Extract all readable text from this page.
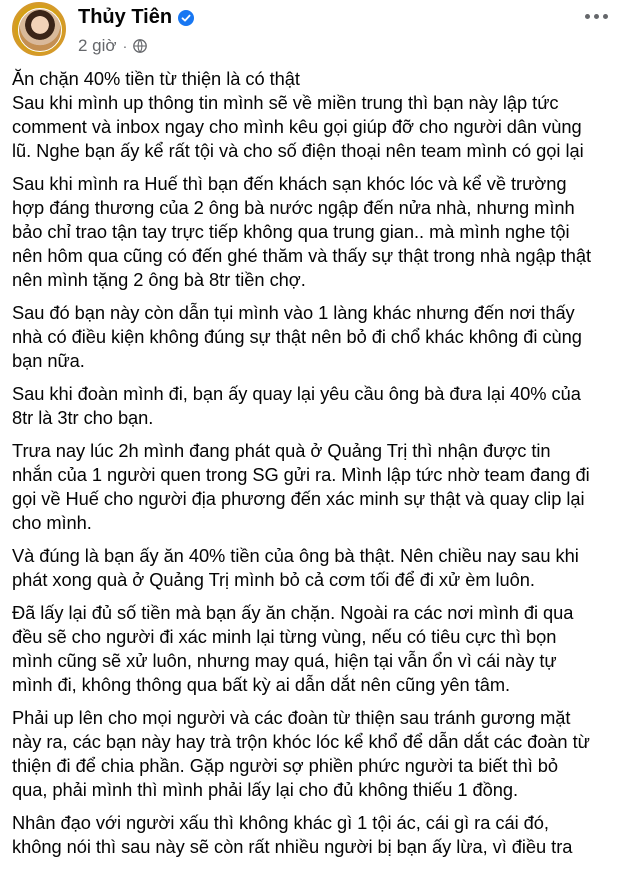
Thủy Tiên
2 giờ ·

Ăn chặn 40% tiền từ thiện là có thật
Sau khi mình up thông tin mình sẽ về miền trung thì bạn này lập tức
comment và inbox ngay cho mình kêu gọi giúp đỡ cho người dân vùng
lũ. Nghe bạn ấy kể rất tội và cho số điện thoại nên team mình có gọi lại

Sau khi mình ra Huế thì bạn đến khách sạn khóc lóc và kể về trường
hợp đáng thương của 2 ông bà nước ngập đến nửa nhà, nhưng mình
bảo chỉ trao tận tay trực tiếp không qua trung gian.. mà mình nghe tội
nên hôm qua cũng có đến ghé thăm và thấy sự thật trong nhà ngập thật
nên mình tặng 2 ông bà 8tr tiền chợ.

Sau đó bạn này còn dẫn tụi mình vào 1 làng khác nhưng đến nơi thấy
nhà có điều kiện không đúng sự thật nên bỏ đi chổ khác không đi cùng
bạn nữa.

Sau khi đoàn mình đi, bạn ấy quay lại yêu cầu ông bà đưa lại 40% của
8tr là 3tr cho bạn.

Trưa nay lúc 2h mình đang phát quà ở Quảng Trị thì nhận được tin
nhắn của 1 người quen trong SG gửi ra. Mình lập tức nhờ team đang đi
gọi về Huế cho người địa phương đến xác minh sự thật và quay clip lại
cho mình.

Và đúng là bạn ấy ăn 40% tiền của ông bà thật. Nên chiều nay sau khi
phát xong quà ở Quảng Trị mình bỏ cả cơm tối để đi xử èm luôn.

Đã lấy lại đủ số tiền mà bạn ấy ăn chặn. Ngoài ra các nơi mình đi qua
đều sẽ cho người đi xác minh lại từng vùng, nếu có tiêu cực thì bọn
mình cũng sẽ xử luôn, nhưng may quá, hiện tại vẫn ổn vì cái này tự
mình đi, không thông qua bất kỳ ai dẫn dắt nên cũng yên tâm.

Phải up lên cho mọi người và các đoàn từ thiện sau tránh gương mặt
này ra, các bạn này hay trà trộn khóc lóc kể khổ để dẫn dắt các đoàn từ
thiện đi để chia phần. Gặp người sợ phiền phức người ta biết thì bỏ
qua, phải mình thì mình phải lấy lại cho đủ không thiếu 1 đồng.

Nhân đạo với người xấu thì không khác gì 1 tội ác, cái gì ra cái đó,
không nói thì sau này sẽ còn rất nhiều người bị bạn ấy lừa, vì điều tra
